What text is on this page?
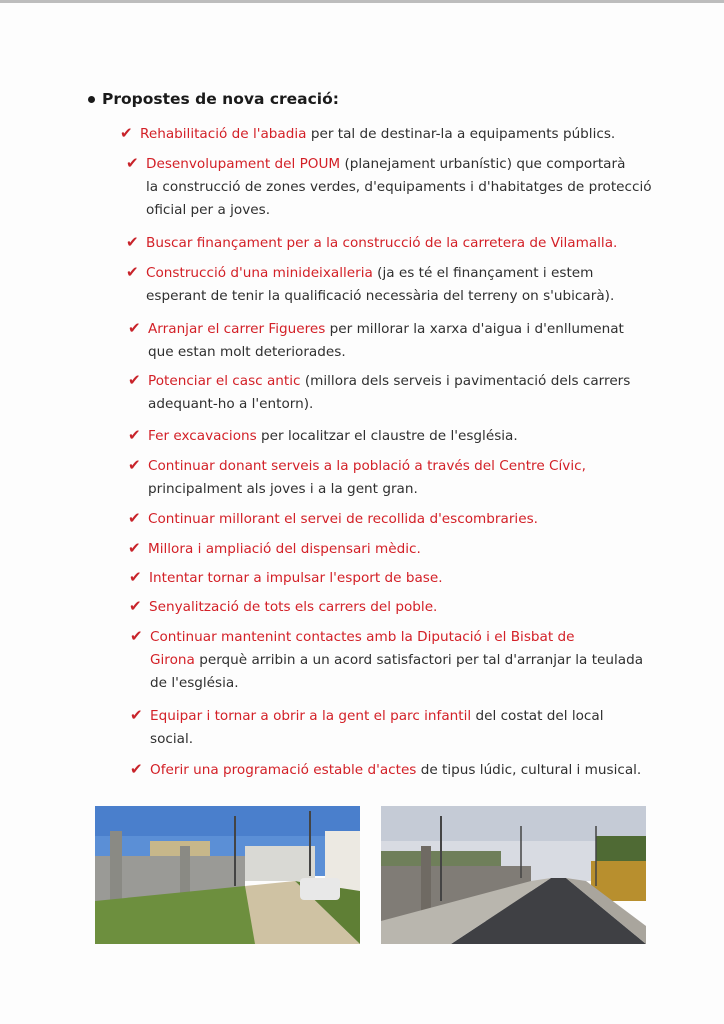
Propostes de nova creació:
✔ Rehabilitació de l'abadia per tal de destinar-la a equipaments públics.
✔ Desenvolupament del POUM (planejament urbanístic) que comportarà
la construcció de zones verdes, d'equipaments i d'habitatges de protecció
oficial per a joves.
✔ Buscar finançament per a la construcció de la carretera de Vilamalla.
✔ Construcció d'una minideixalleria (ja es té el finançament i estem
esperant de tenir la qualificació necessària del terreny on s'ubicarà).
✔ Arranjar el carrer Figueres per millorar la xarxa d'aigua i d'enllumenat
que estan molt deteriorades.
✔ Potenciar el casc antic (millora dels serveis i pavimentació dels carrers
adequant-ho a l'entorn).
✔ Fer excavacions per localitzar el claustre de l'església.
✔ Continuar donant serveis a la població a través del Centre Cívic,
principalment als joves i a la gent gran.
✔ Continuar millorant el servei de recollida d'escombraries.
✔ Millora i ampliació del dispensari mèdic.
✔ Intentar tornar a impulsar l'esport de base.
✔ Senyalització de tots els carrers del poble.
✔ Continuar mantenint contactes amb la Diputació i el Bisbat de
Girona perquè arribin a un acord satisfactori per tal d'arranjar la teulada
de l'església.
✔ Equipar i tornar a obrir a la gent el parc infantil del costat del local
social.
✔ Oferir una programació estable d'actes de tipus lúdic, cultural i musical.
